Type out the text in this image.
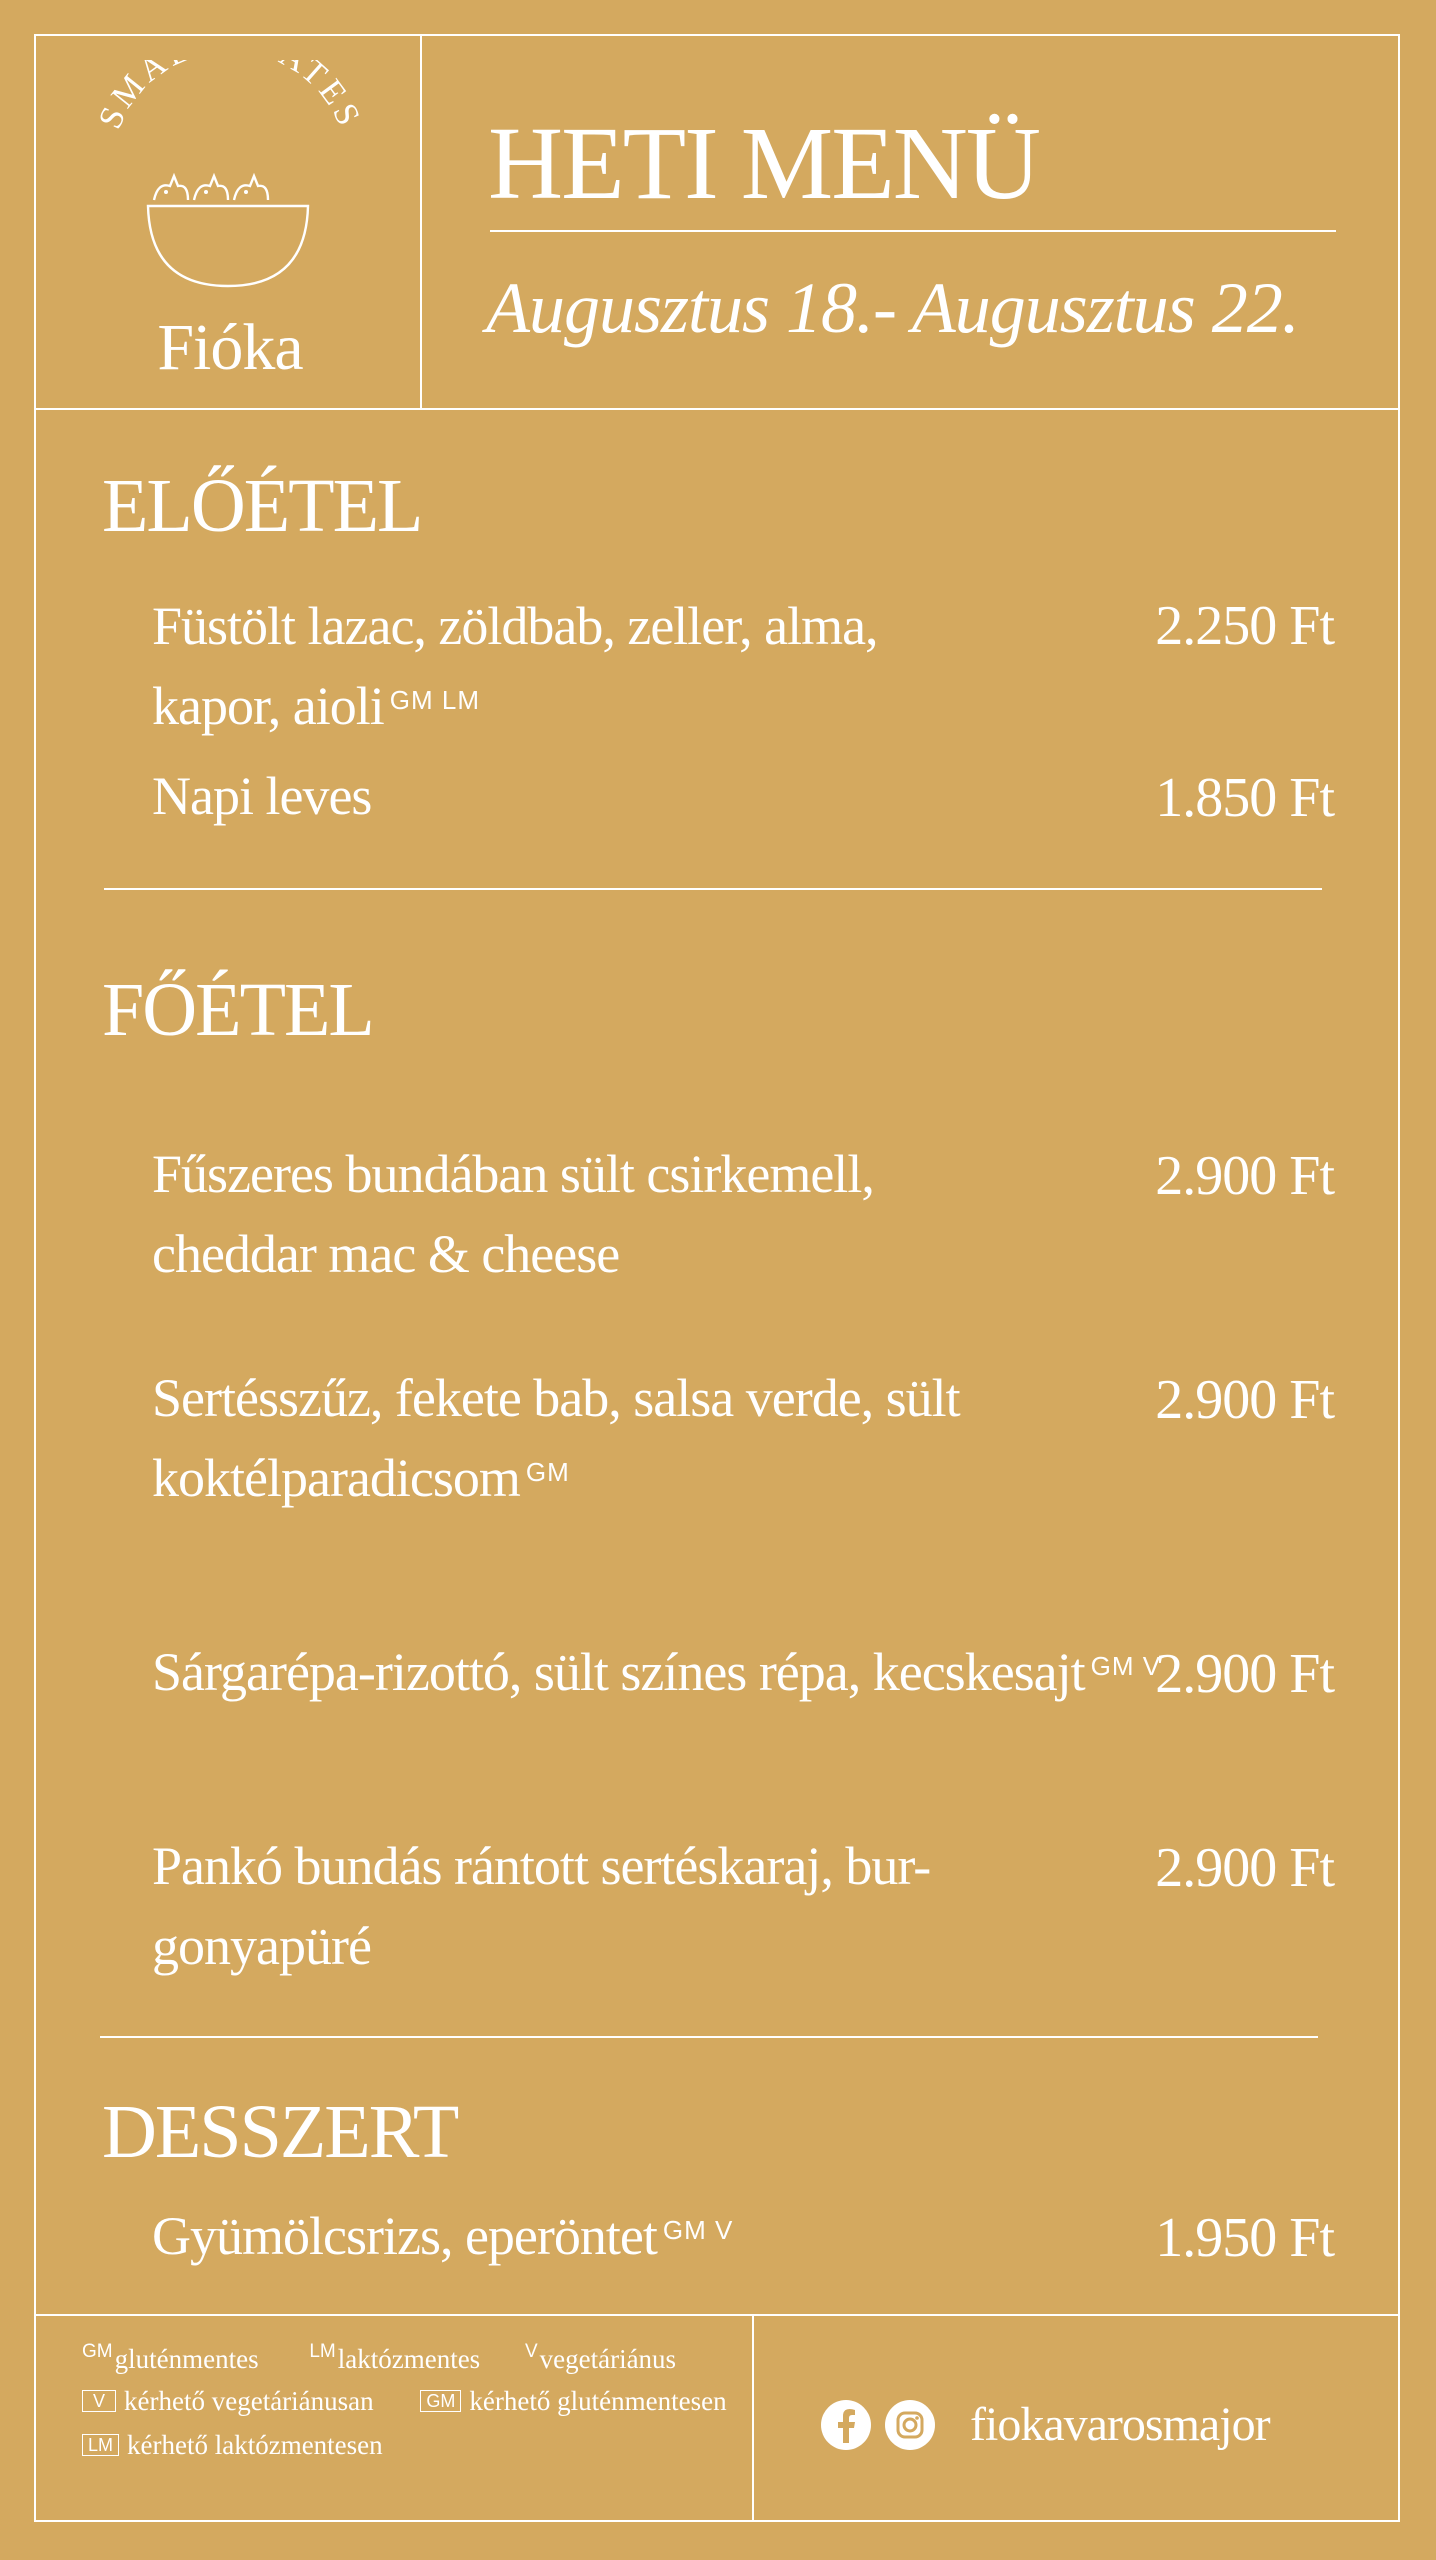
SMA TES
Fióka
HETI MENÜ
Augusztus 18.- Augusztus 22.
ELŐÉTEL
Füstölt lazac, zöldbab, zeller, alma,
kapor, aioli $^{GM LM}$
2.250 Ft
Napi leves	1.850 Ft
FŐÉTEL
Fűszeres bundában sült csirkemell,
cheddar mac & cheese
2.900 Ft
Sertésszűz, fekete bab, salsa verde, sült
koktélparadicsom $^{GM}$
2.900 Ft
Sárgarépa-rizottó, sült színes répa, kecskesajt $^{GM V}$
2.900 Ft
Pankó bundás rántott sertéskaraj, bur-
gonyapüré
2.900 Ft
DESSZERT
Gyümölcsrizs, eperöntet $^{GM V}$	1.950 Ft
$^{GM}$gluténmentes	$^{LM}$laktózmentes $^V$vegetáriánus
V kérhető vegetáriánusan	GM kérhető gluténmentesen
LM kérhető laktózmentesen	fiokavarosmajor
